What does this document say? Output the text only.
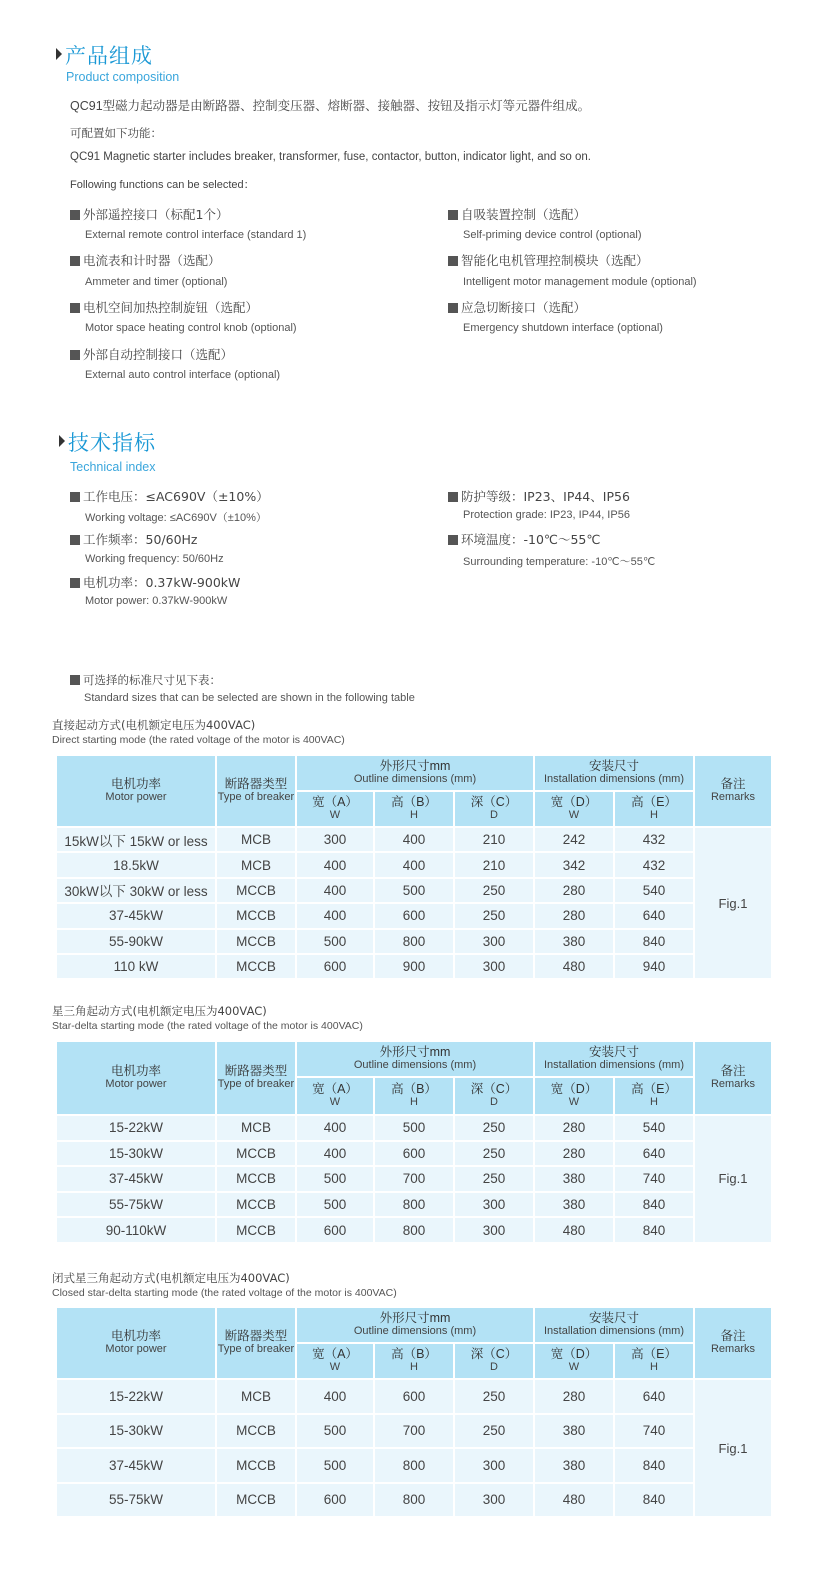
产品组成
Product composition
QC91型磁力起动器是由断路器、控制变压器、熔断器、接触器、按钮及指示灯等元器件组成。
可配置如下功能：
QC91 Magnetic starter includes breaker, transformer, fuse, contactor, button, indicator light, and so on.
Following functions can be selected：
技术指标
Technical index
可选择的标准尺寸见下表：
Standard sizes that can be selected are shown in the following table
外部遥控接口（标配1个）
External remote control interface (standard 1)
电流表和计时器（选配）
Ammeter and timer (optional)
电机空间加热控制旋钮（选配）
Motor space heating control knob (optional)
外部自动控制接口（选配）
External auto control interface (optional)
自吸装置控制（选配）
Self-priming device control (optional)
智能化电机管理控制模块（选配）
Intelligent motor management module (optional)
应急切断接口（选配）
Emergency shutdown interface (optional)
工作电压：≤AC690V（±10%）
Working voltage: ≤AC690V（±10%）
工作频率：50/60Hz
Working frequency: 50/60Hz
电机功率：0.37kW-900kW
Motor power: 0.37kW-900kW
防护等级：IP23、IP44、IP56
Protection grade: IP23, IP44, IP56
环境温度：-10℃～55℃
Surrounding temperature: -10℃～55℃
直接起动方式(电机额定电压为400VAC)
Direct starting mode (the rated voltage of the motor is 400VAC)
电机功率
Motor power	断路器类型
Type of breaker	外形尺寸mm
Outline dimensions (mm)			安装尺寸
Installation dimensions (mm)		备注
Remarks

		宽（A）
W	高（B）
H	深（C）
D	宽（D）
W	高（E）
H	
15kW以下 15kW or less	MCB	300	400	210	242	432	Fig.1
18.5kW	MCB	400	400	210	342	432	
30kW以下 30kW or less	MCCB	400	500	250	280	540	
37-45kW	MCCB	400	600	250	280	640	
55-90kW	MCCB	500	800	300	380	840	
110 kW	MCCB	600	900	300	480	940	
星三角起动方式(电机额定电压为400VAC)
Star-delta starting mode (the rated voltage of the motor is 400VAC)
电机功率
Motor power	断路器类型
Type of breaker	外形尺寸mm
Outline dimensions (mm)			安装尺寸
Installation dimensions (mm)		备注
Remarks

		宽（A）
W	高（B）
H	深（C）
D	宽（D）
W	高（E）
H	
15-22kW	MCB	400	500	250	280	540	Fig.1
15-30kW	MCCB	400	600	250	280	640	
37-45kW	MCCB	500	700	250	380	740	
55-75kW	MCCB	500	800	300	380	840	
90-110kW	MCCB	600	800	300	480	840	
闭式星三角起动方式(电机额定电压为400VAC)
Closed star-delta starting mode (the rated voltage of the motor is 400VAC)
电机功率
Motor power	断路器类型
Type of breaker	外形尺寸mm
Outline dimensions (mm)			安装尺寸
Installation dimensions (mm)		备注
Remarks

		宽（A）
W	高（B）
H	深（C）
D	宽（D）
W	高（E）
H	
15-22kW	MCB	400	600	250	280	640	Fig.1
15-30kW	MCCB	500	700	250	380	740	
37-45kW	MCCB	500	800	300	380	840	
55-75kW	MCCB	600	800	300	480	840	
